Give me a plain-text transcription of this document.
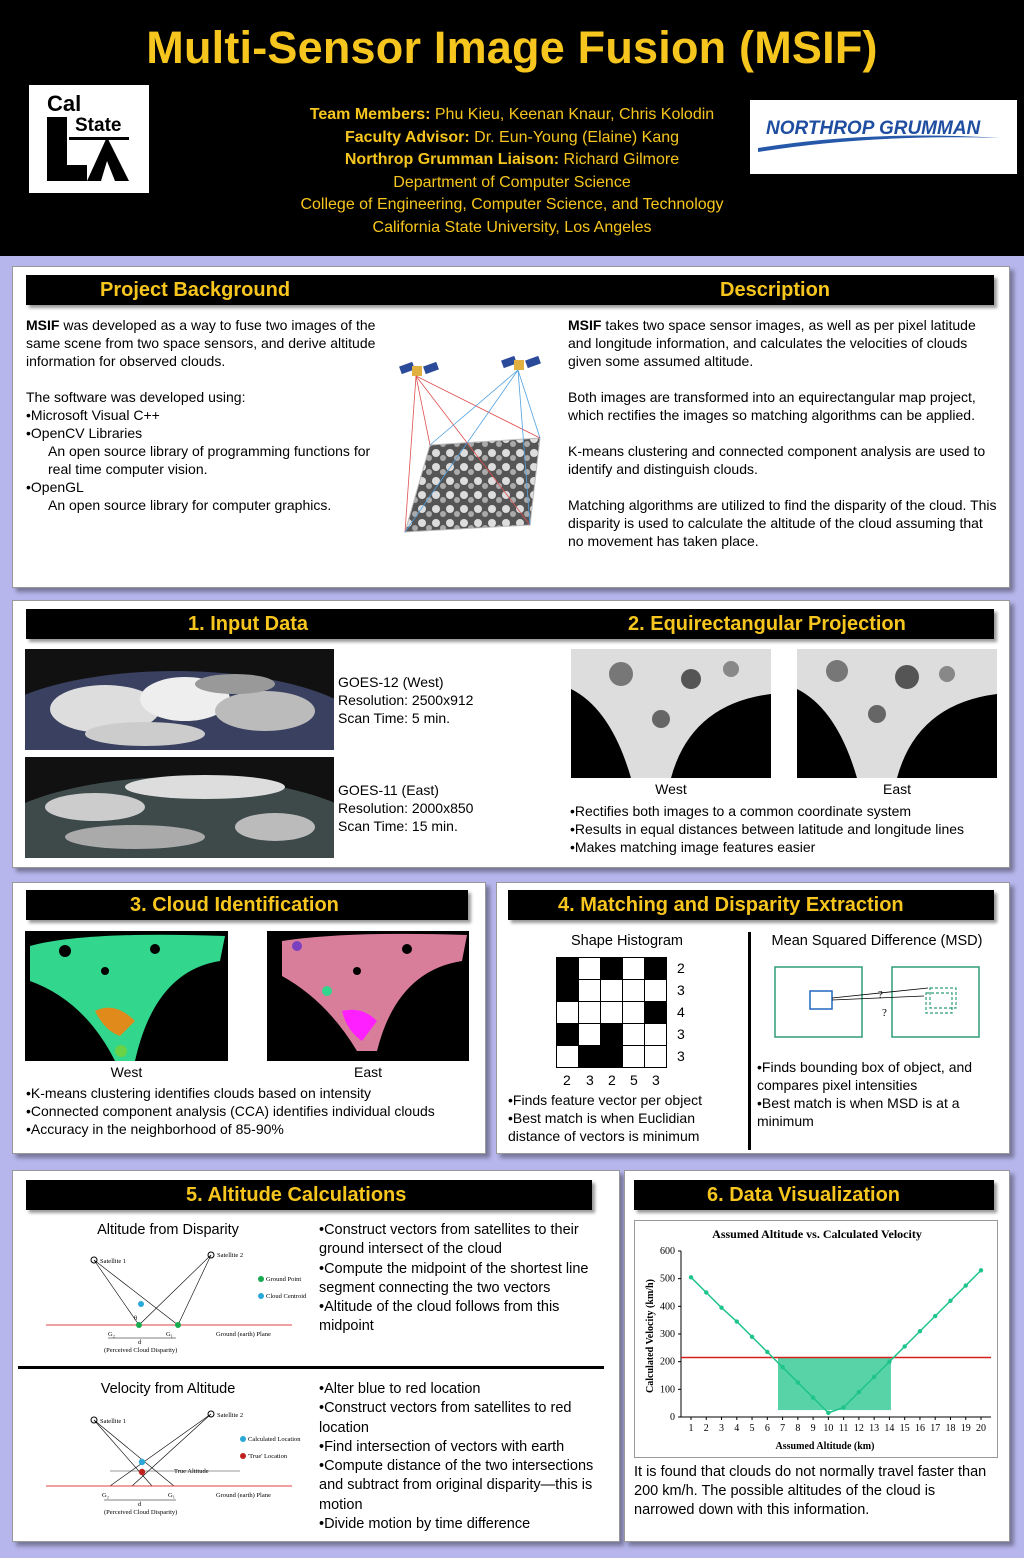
Multi-Sensor Image Fusion (MSIF)
Cal
State
Team Members: Phu Kieu, Keenan Knaur, Chris Kolodin
Faculty Advisor: Dr. Eun-Young (Elaine) Kang
Northrop Grumman Liaison: Richard Gilmore
Department of Computer Science
College of Engineering, Computer Science, and Technology
California State University, Los Angeles
NORTHROP GRUMMAN
Project Background	Description

MSIF was developed as a way to fuse two images of the same scene from two space sensors, and derive altitude information for observed clouds.

The software was developed using:

•Microsoft Visual C++

•OpenCV Libraries

An open source library of programming functions for real time computer vision.

•OpenGL

An open source library for computer graphics.

MSIF takes two space sensor images, as well as per pixel latitude and longitude information, and calculates the velocities of clouds given some assumed altitude.

Both images are transformed into an equirectangular map project, which rectifies the images so matching algorithms can be applied.

K-means clustering and connected component analysis are used to identify and distinguish clouds.

Matching algorithms are utilized to find the disparity of the cloud. This disparity is used to calculate the altitude of the cloud assuming that no movement has taken place.

1. Input Data	2. Equirectangular Projection

GOES-12 (West)

Resolution: 2500x912

Scan Time: 5 min.

GOES-11 (East)

Resolution: 2000x850

Scan Time: 15 min.

West	East

•Rectifies both images to a common coordinate system

•Results in equal distances between latitude and longitude lines

•Makes matching image features easier

3. Cloud Identification
West	East

•K-means clustering identifies clouds based on intensity

•Connected component analysis (CCA) identifies individual clouds

•Accuracy in the neighborhood of 85-90%

4. Matching and Disparity Extraction
Shape Histogram
2
3
4
3
3
2 3 2 5 3

•Finds feature vector per object

•Best match is when Euclidian distance of vectors is minimum

Mean Squared Difference (MSD)
?
?

•Finds bounding box of object, and compares pixel intensities

•Best match is when MSD is at a minimum

5. Altitude Calculations
Altitude from Disparity
Satellite 1
Satellite 2
θ
Ground Point
Cloud Centroid
G₂	G₁	Ground (earth) Plane
d
(Perceived Cloud Disparity)

•Construct vectors from satellites to their ground intersect of the cloud

•Compute the midpoint of the shortest line segment connecting the two vectors

•Altitude of the cloud follows from this midpoint

Velocity from Altitude
Satellite 1
Satellite 2
True Altitude
Calculated Location
'True' Location
G₂	G₁	Ground (earth) Plane
d
(Perceived Cloud Disparity)

•Alter blue to red location

•Construct vectors from satellites to red location

•Find intersection of vectors with earth

•Compute distance of the two intersections and subtract from original disparity—this is motion

•Divide motion by time difference

6. Data Visualization
Assumed Altitude vs. Calculated Velocity
Assumed Altitude (km)
Calculated Velocity (km/h)
0
100
200
300
400
500
600
1 2 3 4 5 6 7 8 9 10 11 12 13 14 15 16 17 18 19 20
It is found that clouds do not normally travel faster than 200 km/h. The possible altitudes of the cloud is narrowed down with this information.
